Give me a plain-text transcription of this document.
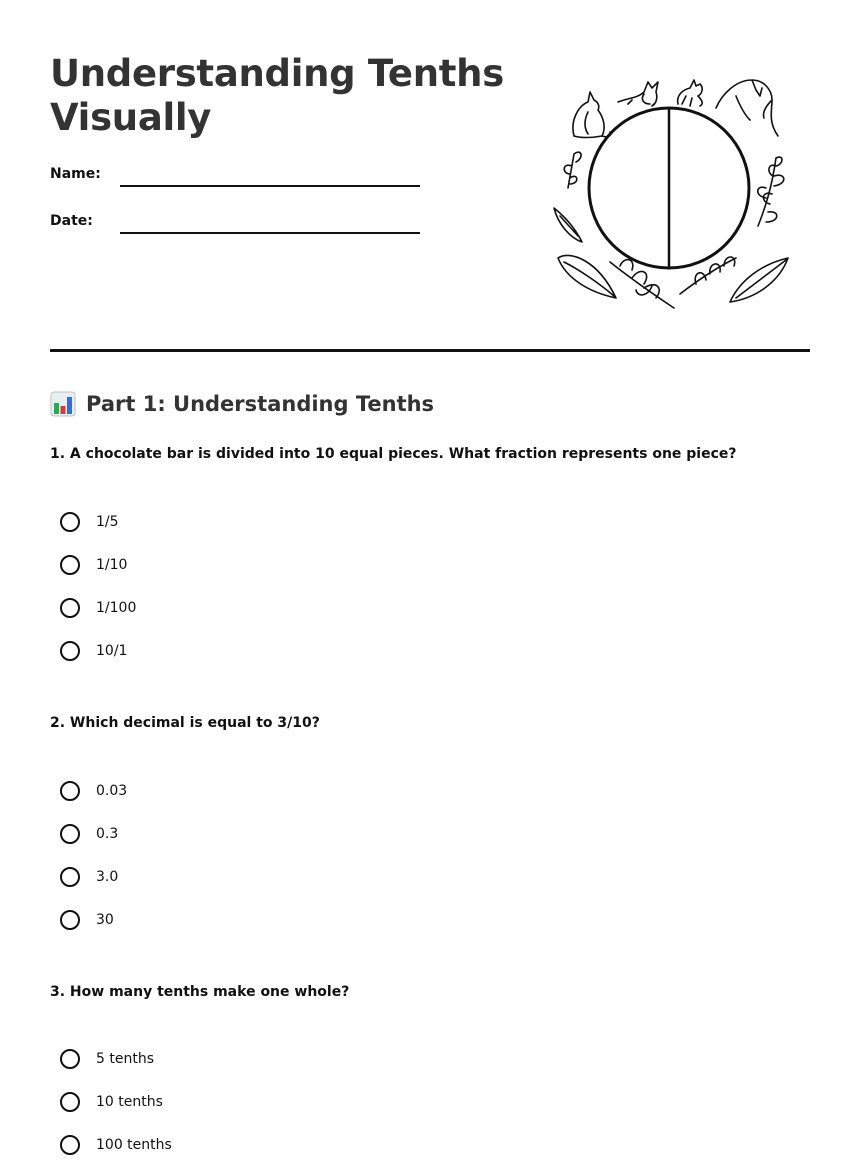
Understanding Tenths Visually
Name:
Date:
Part 1: Understanding Tenths
1. A chocolate bar is divided into 10 equal pieces. What fraction represents one piece?
1/5
1/10
1/100
10/1
2. Which decimal is equal to 3/10?
0.03
0.3
3.0
30
3. How many tenths make one whole?
5 tenths
10 tenths
100 tenths
